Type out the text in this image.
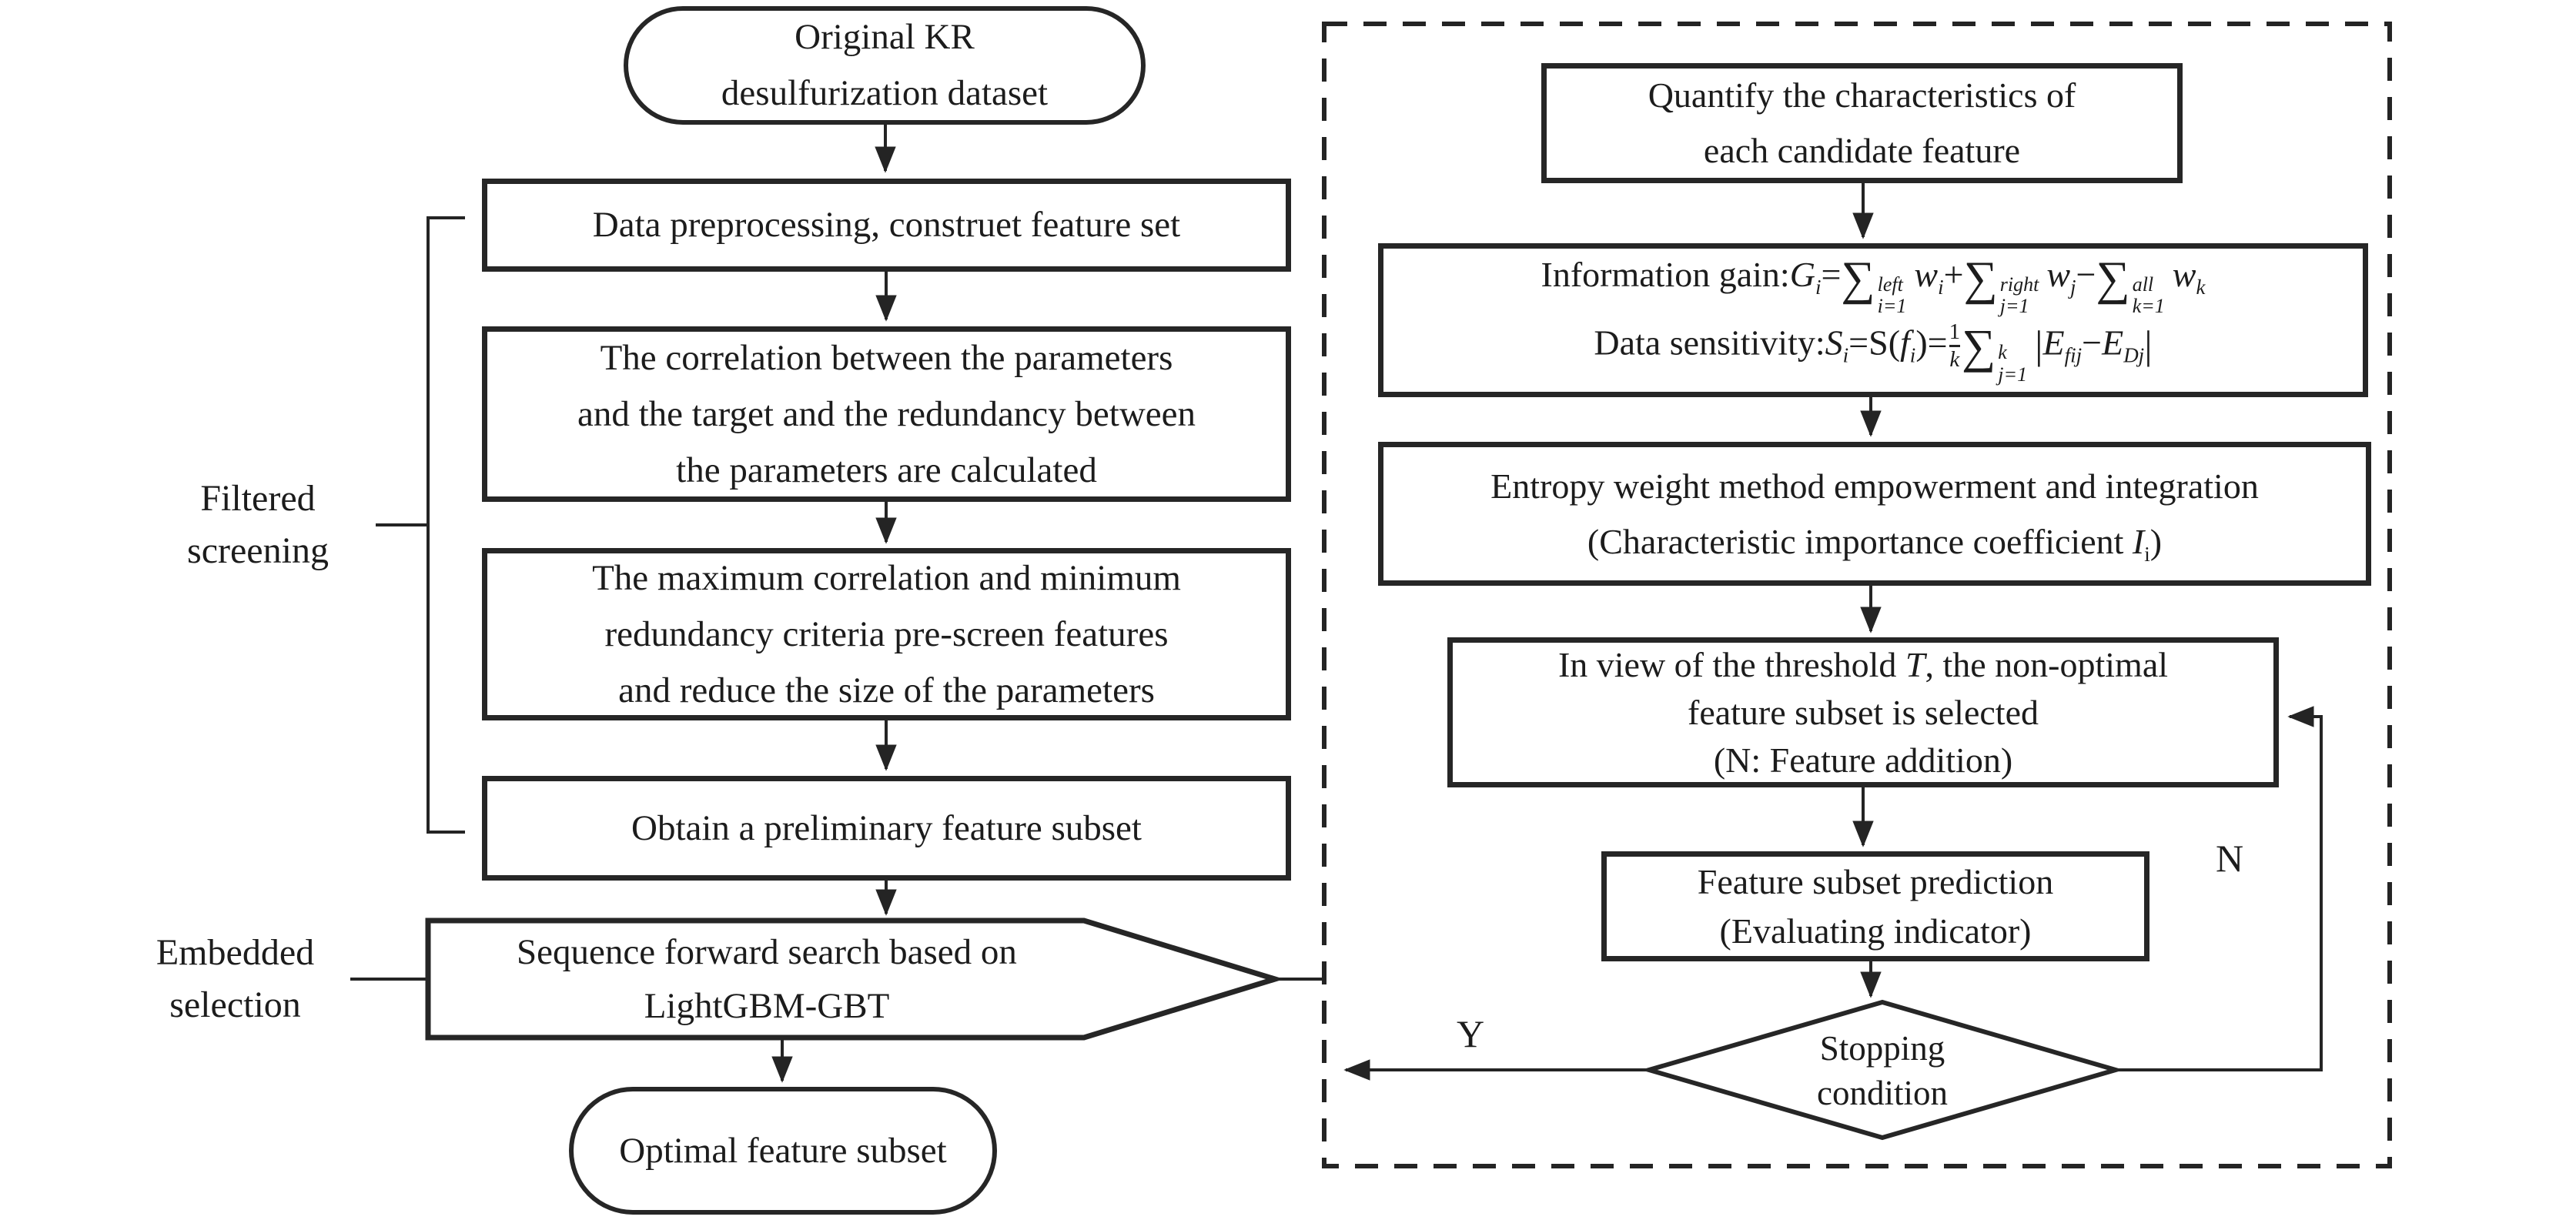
Original KR
desulfurization dataset
Data preprocessing, construet feature set
The correlation between the parameters
and the target and the redundancy between
the parameters are calculated
The maximum correlation and minimum
redundancy criteria pre-screen features
and reduce the size of the parameters
Obtain a preliminary feature subset
Sequence forward search based on
LightGBM-GBT
Optimal feature subset
Filtered
screening
Embedded
selection
Quantify the characteristics of
each candidate feature
Information $gain:G_i=\sum$ left
i=1
$w_i+\sum$ right
j=1
$w_j-\sum$ all
k=1
$w_k$
Data $sensitivity:S_i=S(f_i)= \frac{1}{k}$ ∑ k
j=1
$|E_{fij}-E_{Dj}|$
Entropy weight method empowerment and integration
(Characteristic importance coefficient $I_i$)
In view of the threshold T, the non-optimal
feature subset is selected
(N: Feature addition)
Feature subset prediction
(Evaluating indicator)
Stopping
condition
Y
N
